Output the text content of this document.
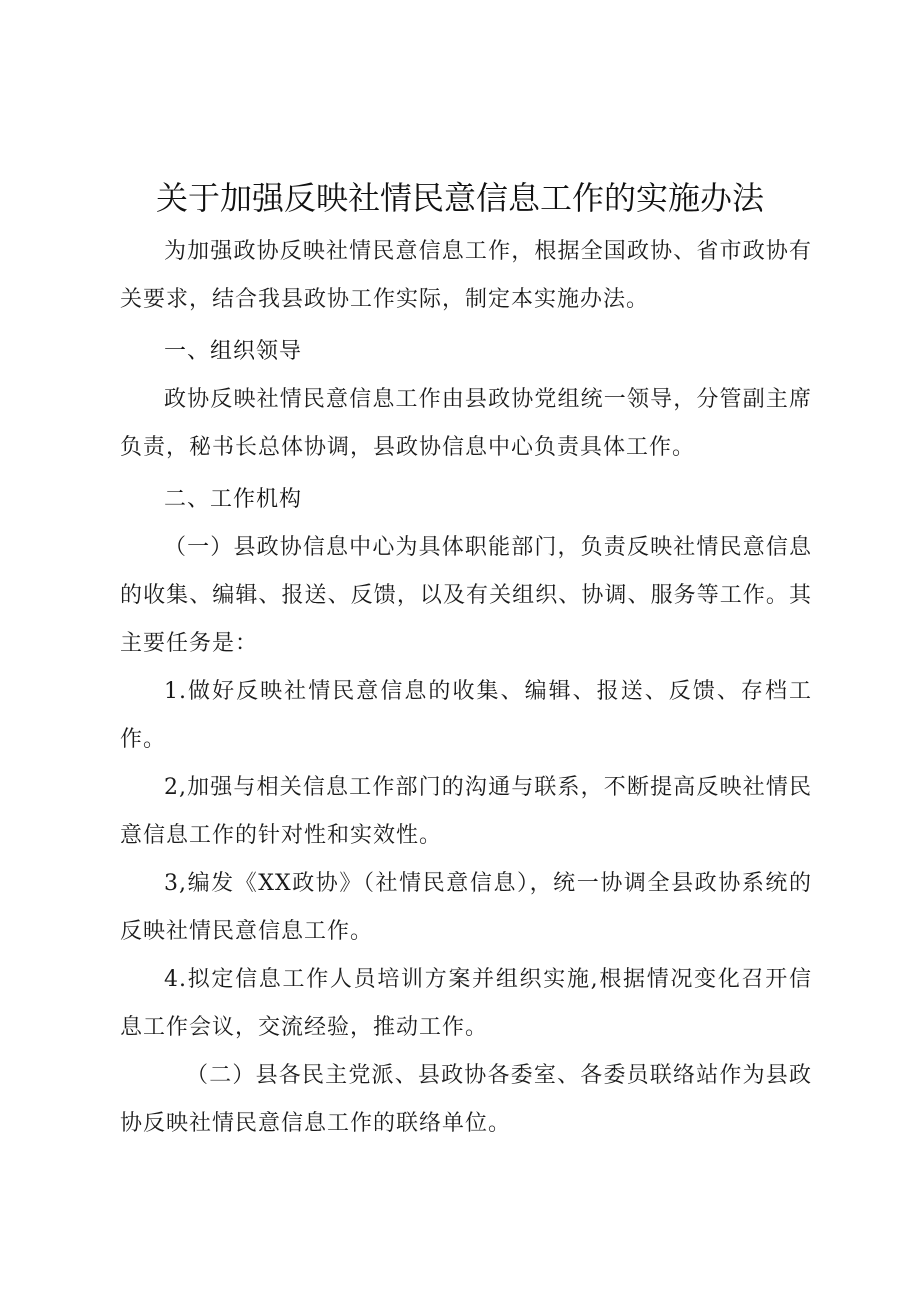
关于加强反映社情民意信息工作的实施办法

为加强政协反映社情民意信息工作，根据全国政协、省市政协有关要求，结合我县政协工作实际，制定本实施办法。

一、组织领导

政协反映社情民意信息工作由县政协党组统一领导，分管副主席负责，秘书长总体协调，县政协信息中心负责具体工作。

二、工作机构

（一）县政协信息中心为具体职能部门，负责反映社情民意信息的收集、编辑、报送、反馈，以及有关组织、协调、服务等工作。其主要任务是：

1.做好反映社情民意信息的收集、编辑、报送、反馈、存档工作。

2,加强与相关信息工作部门的沟通与联系，不断提高反映社情民意信息工作的针对性和实效性。

3,编发《XX政协》（社情民意信息），统一协调全县政协系统的反映社情民意信息工作。

4.拟定信息工作人员培训方案并组织实施,根据情况变化召开信息工作会议，交流经验，推动工作。

（二）县各民主党派、县政协各委室、各委员联络站作为县政协反映社情民意信息工作的联络单位。
